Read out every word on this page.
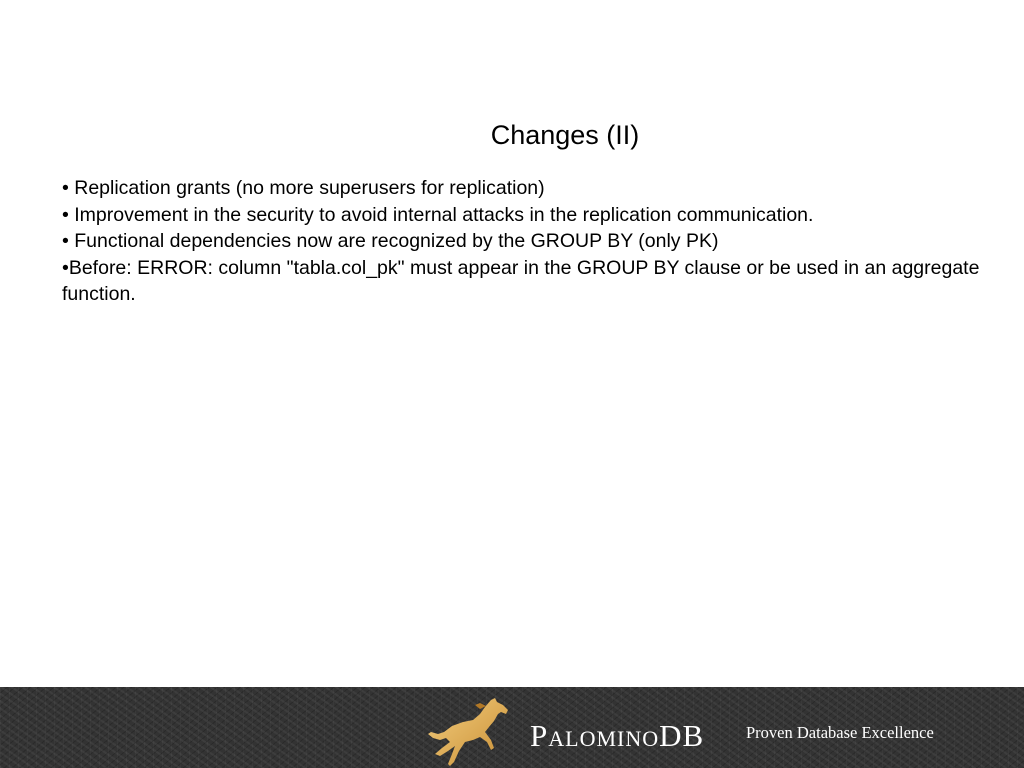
Changes (II)

• Replication grants (no more superusers for replication)

• Improvement in the security to avoid internal attacks in the replication communication.

• Functional dependencies now are recognized by the GROUP BY (only PK)

•Before: ERROR: column "tabla.col_pk" must appear in the GROUP BY clause or be used in an aggregate function.

PalominoDB	Proven Database Excellence
